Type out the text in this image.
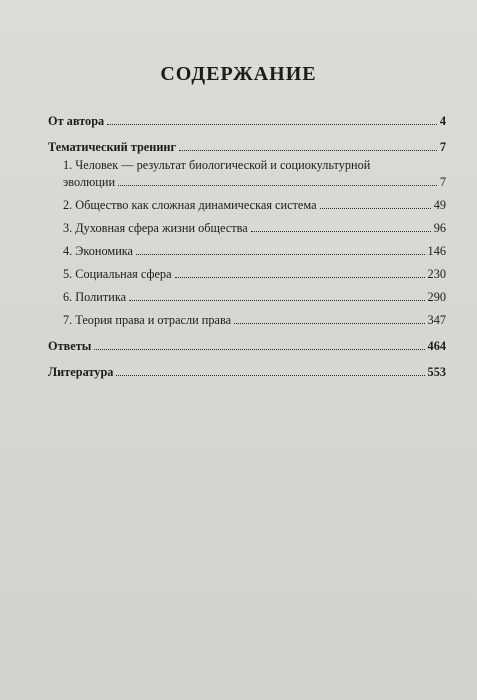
СОДЕРЖАНИЕ
От автора	4
Тематический тренинг	7
1. Человек — результат биологической и социокультурной
эволюции	7
2. Общество как сложная динамическая система	49
3. Духовная сфера жизни общества	96
4. Экономика	146
5. Социальная сфера	230
6. Политика	290
7. Теория права и отрасли права	347
Ответы	464
Литература	553
